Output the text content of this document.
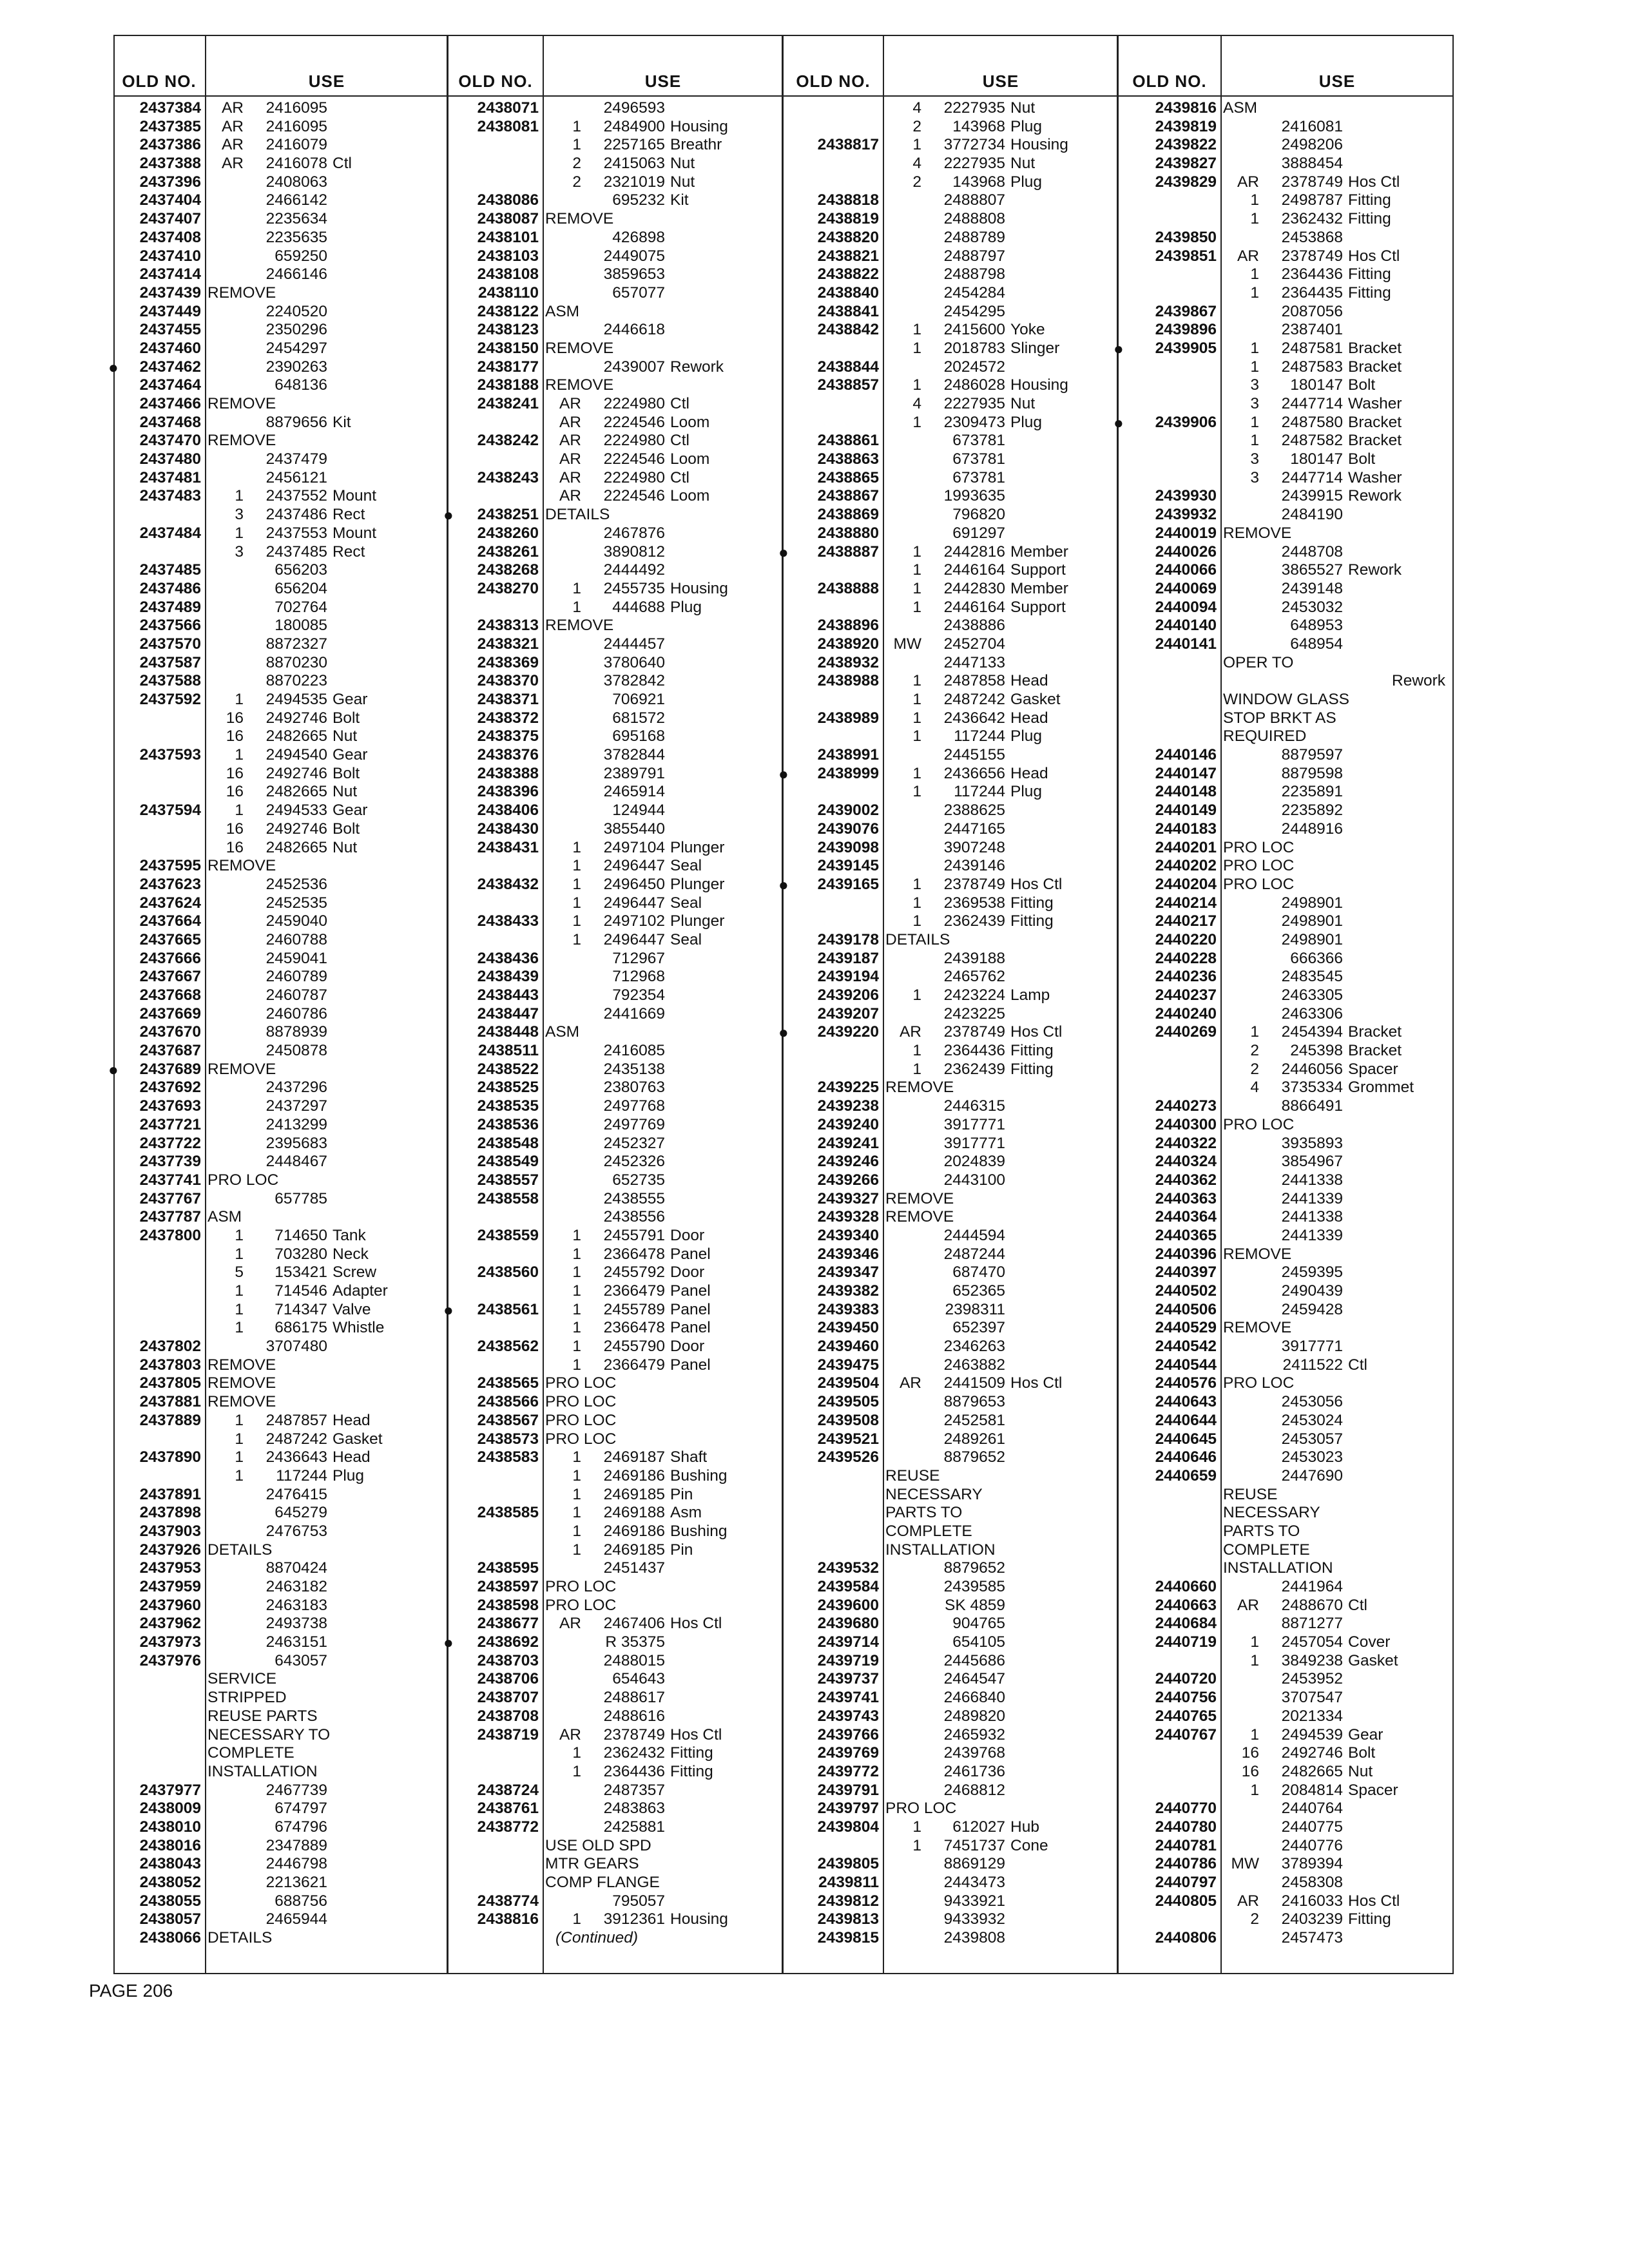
OLD NO.	USE
2437384	AR	2416095
2437385	AR	2416095
2437386	AR	2416079
2437388	AR	2416078 Ctl
2437396	2408063
2437404	2466142
2437407	2235634
2437408	2235635
2437410	659250
2437414	2466146
2437439 REMOVE
2437449	2240520
2437455	2350296
2437460	2454297
●	2437462	2390263
2437464	648136
2437466 REMOVE
2437468	8879656 Kit
2437470 REMOVE
2437480	2437479
2437481	2456121
2437483	1	2437552 Mount
3	2437486 Rect
2437484	1	2437553 Mount
3	2437485 Rect
2437485	656203
2437486	656204
2437489	702764
2437566	180085
2437570	8872327
2437587	8870230
2437588	8870223
2437592	1	2494535 Gear
16	2492746 Bolt
16	2482665 Nut
2437593	1	2494540 Gear
16	2492746 Bolt
16	2482665 Nut
2437594	1	2494533 Gear
16	2492746 Bolt
16	2482665 Nut
2437595 REMOVE
2437623	2452536
2437624	2452535
2437664	2459040
2437665	2460788
2437666	2459041
2437667	2460789
2437668	2460787
2437669	2460786
2437670	8878939
2437687	2450878
●	2437689 REMOVE
2437692	2437296
2437693	2437297
2437721	2413299
2437722	2395683
2437739	2448467
2437741 PRO LOC
2437767	657785
2437787 ASM
2437800	1	714650 Tank
1	703280 Neck
5	153421 Screw
1	714546 Adapter
1	714347 Valve
1	686175 Whistle
2437802	3707480
2437803 REMOVE
2437805 REMOVE
2437881 REMOVE
2437889	1	2487857 Head
1	2487242 Gasket
2437890	1	2436643 Head
1	117244 Plug
2437891	2476415
2437898	645279
2437903	2476753
2437926 DETAILS
2437953	8870424
2437959	2463182
2437960	2463183
2437962	2493738
2437973	2463151
2437976	643057
SERVICE
STRIPPED
REUSE PARTS
NECESSARY TO
COMPLETE
INSTALLATION
2437977	2467739
2438009	674797
2438010	674796
2438016	2347889
2438043	2446798
2438052	2213621
2438055	688756
2438057	2465944
2438066 DETAILS
OLD NO.	USE
2438071	2496593
2438081	1	2484900 Housing
1	2257165 Breathr
2	2415063 Nut
2	2321019 Nut
2438086	695232 Kit
2438087 REMOVE
2438101	426898
2438103	2449075
2438108	3859653
2438110	657077
2438122 ASM
2438123	2446618
2438150 REMOVE
2438177	2439007 Rework
2438188 REMOVE
2438241	AR	2224980 Ctl
AR	2224546 Loom
2438242	AR	2224980 Ctl
AR	2224546 Loom
2438243	AR	2224980 Ctl
AR	2224546 Loom
●	2438251 DETAILS
2438260	2467876
2438261	3890812
2438268	2444492
2438270	1	2455735 Housing
1	444688 Plug
2438313 REMOVE
2438321	2444457
2438369	3780640
2438370	3782842
2438371	706921
2438372	681572
2438375	695168
2438376	3782844
2438388	2389791
2438396	2465914
2438406	124944
2438430	3855440
2438431	1	2497104 Plunger
1	2496447 Seal
2438432	1	2496450 Plunger
1	2496447 Seal
2438433	1	2497102 Plunger
1	2496447 Seal
2438436	712967
2438439	712968
2438443	792354
2438447	2441669
2438448 ASM
2438511	2416085
2438522	2435138
2438525	2380763
2438535	2497768
2438536	2497769
2438548	2452327
2438549	2452326
2438557	652735
2438558	2438555
2438556
2438559	1	2455791 Door
1	2366478 Panel
2438560	1	2455792 Door
1	2366479 Panel
●	2438561	1	2455789 Panel
1	2366478 Panel
2438562	1	2455790 Door
1	2366479 Panel
2438565 PRO LOC
2438566 PRO LOC
2438567 PRO LOC
2438573 PRO LOC
2438583	1	2469187 Shaft
1	2469186 Bushing
1	2469185 Pin
2438585	1	2469188 Asm
1	2469186 Bushing
1	2469185 Pin
2438595	2451437
2438597 PRO LOC
2438598 PRO LOC
2438677	AR	2467406 Hos Ctl
●	2438692	R 35375
2438703	2488015
2438706	654643
2438707	2488617
2438708	2488616
2438719	AR	2378749 Hos Ctl
1	2362432 Fitting
1	2364436 Fitting
2438724	2487357
2438761	2483863
2438772	2425881
USE OLD SPD
MTR GEARS
COMP FLANGE
2438774	795057
2438816	1	3912361 Housing
(Continued)
OLD NO.	USE
4	2227935 Nut
2	143968 Plug
2438817	1	3772734 Housing
4	2227935 Nut
2	143968 Plug
2438818	2488807
2438819	2488808
2438820	2488789
2438821	2488797
2438822	2488798
2438840	2454284
2438841	2454295
2438842	1	2415600 Yoke
1	2018783 Slinger
2438844	2024572
2438857	1	2486028 Housing
4	2227935 Nut
1	2309473 Plug
2438861	673781
2438863	673781
2438865	673781
2438867	1993635
2438869	796820
2438880	691297
●	2438887	1	2442816 Member
1	2446164 Support
2438888	1	2442830 Member
1	2446164 Support
2438896	2438886
2438920 MW	2452704
2438932	2447133
2438988	1	2487858 Head
1	2487242 Gasket
2438989	1	2436642 Head
1	117244 Plug
2438991	2445155
●	2438999	1	2436656 Head
1	117244 Plug
2439002	2388625
2439076	2447165
2439098	3907248
2439145	2439146
●	2439165	1	2378749 Hos Ctl
1	2369538 Fitting
1	2362439 Fitting
2439178 DETAILS
2439187	2439188
2439194	2465762
2439206	1	2423224 Lamp
2439207	2423225
●	2439220	AR	2378749 Hos Ctl
1	2364436 Fitting
1	2362439 Fitting
2439225 REMOVE
2439238	2446315
2439240	3917771
2439241	3917771
2439246	2024839
2439266	2443100
2439327 REMOVE
2439328 REMOVE
2439340	2444594
2439346	2487244
2439347	687470
2439382	652365
2439383	2398311
2439450	652397
2439460	2346263
2439475	2463882
2439504	AR	2441509 Hos Ctl
2439505	8879653
2439508	2452581
2439521	2489261
2439526	8879652
REUSE
NECESSARY
PARTS TO
COMPLETE
INSTALLATION
2439532	8879652
2439584	2439585
2439600	SK 4859
2439680	904765
2439714	654105
2439719	2445686
2439737	2464547
2439741	2466840
2439743	2489820
2439766	2465932
2439769	2439768
2439772	2461736
2439791	2468812
2439797 PRO LOC
2439804	1	612027 Hub
1	7451737 Cone
2439805	8869129
2439811	2443473
2439812	9433921
2439813	9433932
2439815	2439808
OLD NO.	USE
2439816 ASM
2439819	2416081
2439822	2498206
2439827	3888454
2439829	AR	2378749 Hos Ctl
1	2498787 Fitting
1	2362432 Fitting
2439850	2453868
2439851	AR	2378749 Hos Ctl
1	2364436 Fitting
1	2364435 Fitting
2439867	2087056
2439896	2387401
●	2439905	1	2487581 Bracket
1	2487583 Bracket
3	180147 Bolt
3	2447714 Washer
●	2439906	1	2487580 Bracket
1	2487582 Bracket
3	180147 Bolt
3	2447714 Washer
2439930	2439915 Rework
2439932	2484190
2440019 REMOVE
2440026	2448708
2440066	3865527 Rework
2440069	2439148
2440094	2453032
2440140	648953
2440141	648954
OPER TO
Rework
WINDOW GLASS
STOP BRKT AS
REQUIRED
2440146	8879597
2440147	8879598
2440148	2235891
2440149	2235892
2440183	2448916
2440201 PRO LOC
2440202 PRO LOC
2440204 PRO LOC
2440214	2498901
2440217	2498901
2440220	2498901
2440228	666366
2440236	2483545
2440237	2463305
2440240	2463306
2440269	1	2454394 Bracket
2	245398 Bracket
2	2446056 Spacer
4	3735334 Grommet
2440273	8866491
2440300 PRO LOC
2440322	3935893
2440324	3854967
2440362	2441338
2440363	2441339
2440364	2441338
2440365	2441339
2440396 REMOVE
2440397	2459395
2440502	2490439
2440506	2459428
2440529 REMOVE
2440542	3917771
2440544	2411522 Ctl
2440576 PRO LOC
2440643	2453056
2440644	2453024
2440645	2453057
2440646	2453023
2440659	2447690
REUSE
NECESSARY
PARTS TO
COMPLETE
INSTALLATION
2440660	2441964
2440663	AR	2488670 Ctl
2440684	8871277
2440719	1	2457054 Cover
1	3849238 Gasket
2440720	2453952
2440756	3707547
2440765	2021334
2440767	1	2494539 Gear
16	2492746 Bolt
16	2482665 Nut
1	2084814 Spacer
2440770	2440764
2440780	2440775
2440781	2440776
2440786 MW	3789394
2440797	2458308
2440805	AR	2416033 Hos Ctl
2	2403239 Fitting
2440806	2457473
PAGE 206
